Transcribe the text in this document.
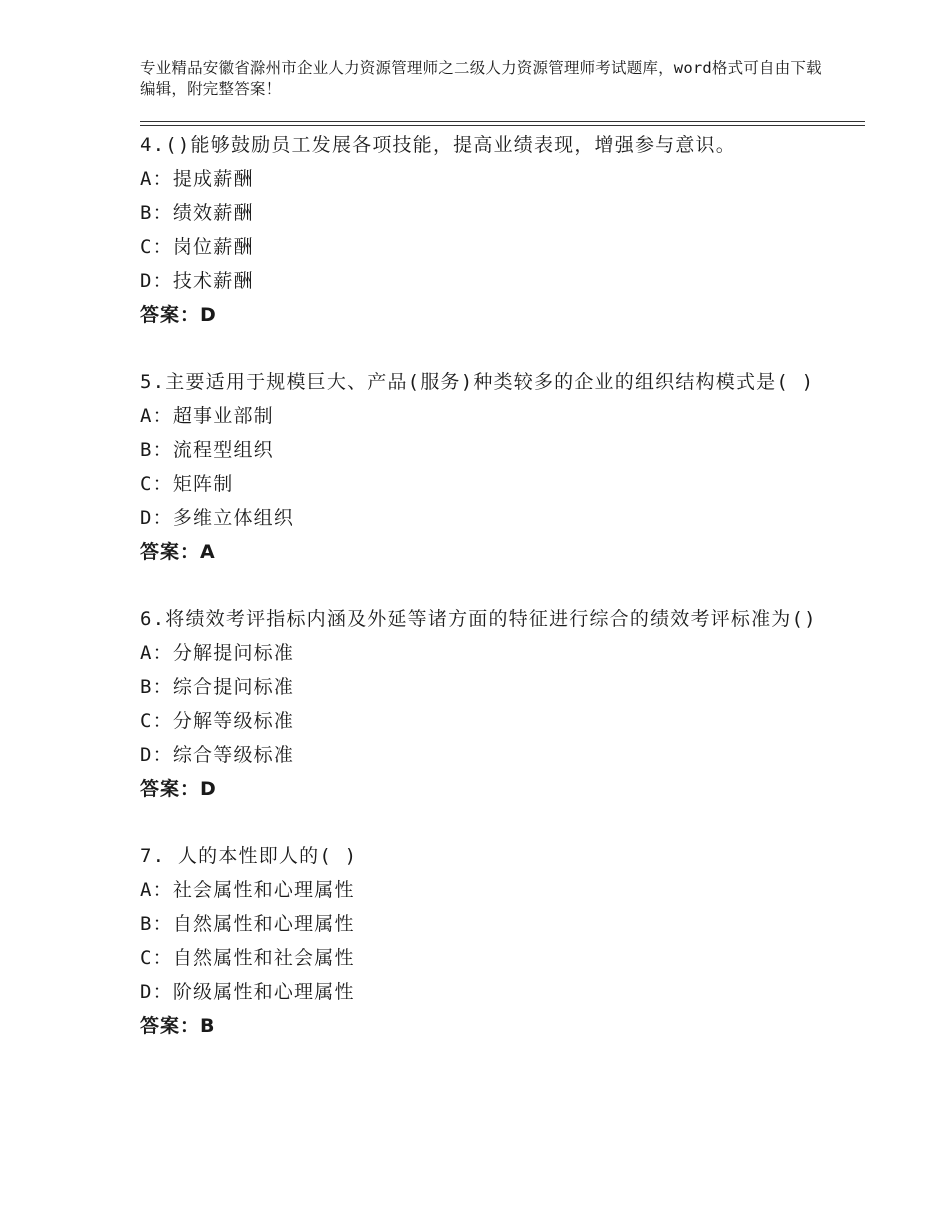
专业精品安徽省滁州市企业人力资源管理师之二级人力资源管理师考试题库，word格式可自由下载编辑，附完整答案！
4.()能够鼓励员工发展各项技能，提高业绩表现，增强参与意识。
A：提成薪酬
B：绩效薪酬
C：岗位薪酬
D：技术薪酬
答案：D
5.主要适用于规模巨大、产品(服务)种类较多的企业的组织结构模式是( )
A：超事业部制
B：流程型组织
C：矩阵制
D：多维立体组织
答案：A
6.将绩效考评指标内涵及外延等诸方面的特征进行综合的绩效考评标准为()
A：分解提问标准
B：综合提问标准
C：分解等级标准
D：综合等级标准
答案：D
7. 人的本性即人的( )
A：社会属性和心理属性
B：自然属性和心理属性
C：自然属性和社会属性
D：阶级属性和心理属性
答案：B
